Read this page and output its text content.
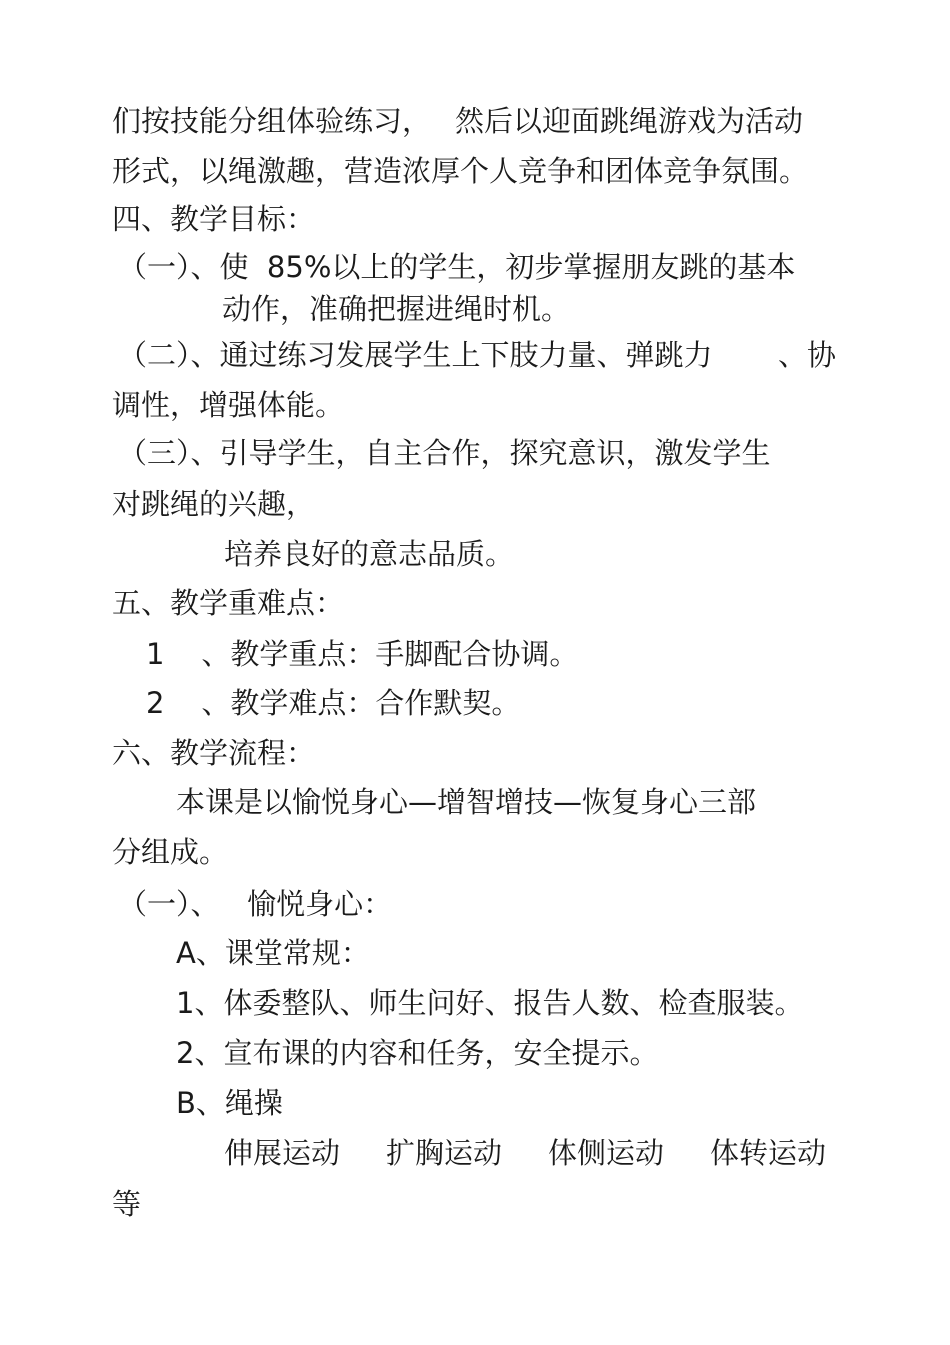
们按技能分组体验练习， 然后以迎面跳绳游戏为活动
形式，以绳激趣，营造浓厚个人竞争和团体竞争氛围。
四、教学目标：
（一）、使  85%以上的学生，初步掌握朋友跳的基本
动作，准确把握进绳时机。
（二）、通过练习发展学生上下肢力量、弹跳力 、协
调性，增强体能。
（三）、引导学生，自主合作，探究意识，激发学生
对跳绳的兴趣，
培养良好的意志品质。
五、教学重难点：
1    、教学重点：手脚配合协调。
2    、教学难点：合作默契。
六、教学流程：
本课是以愉悦身心—增智增技—恢复身心三部
分组成。
（一）、   愉悦身心：
A、课堂常规：
1、体委整队、师生问好、报告人数、检查服装。
2、宣布课的内容和任务，安全提示。
B、绳操
伸展运动 扩胸运动 体侧运动 体转运动
等
